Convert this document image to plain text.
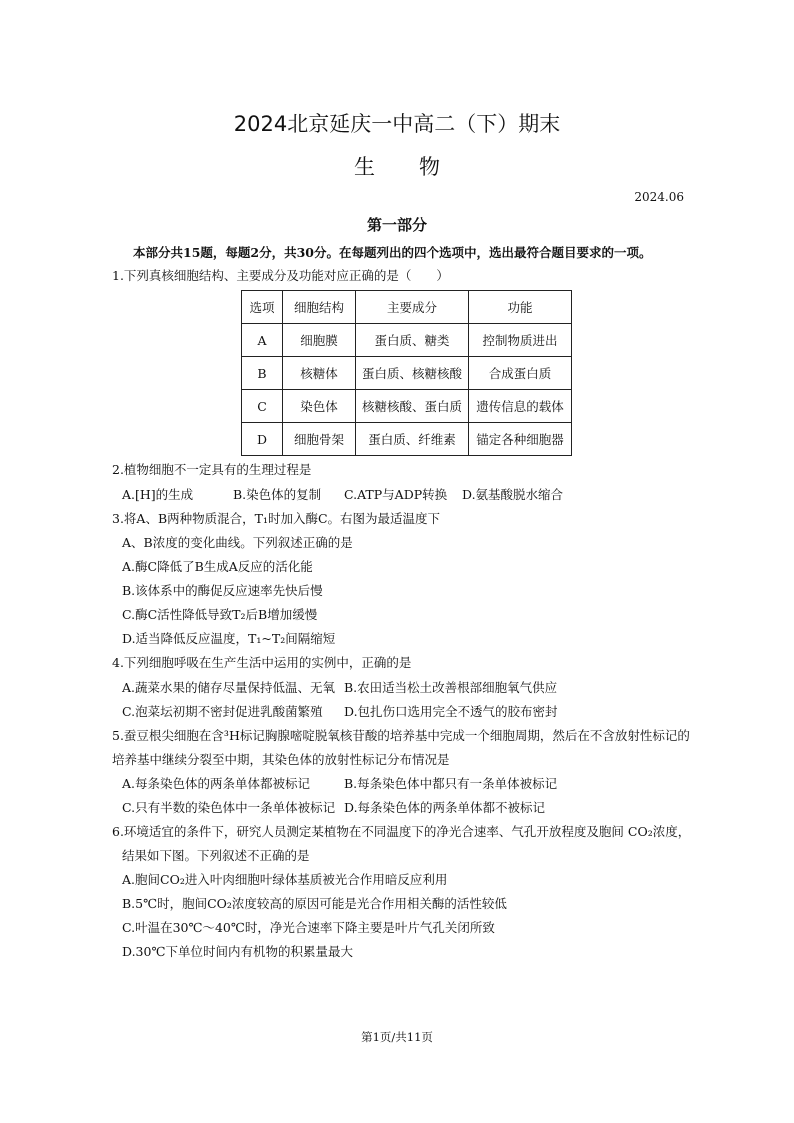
2024北京延庆一中高二（下）期末
生物
2024.06
第一部分
本部分共15题，每题2分，共30分。在每题列出的四个选项中，选出最符合题目要求的一项。
1.下列真核细胞结构、主要成分及功能对应正确的是（　　）
选项	细胞结构	主要成分	功能
A	细胞膜	蛋白质、糖类	控制物质进出
B	核糖体	蛋白质、核糖核酸	合成蛋白质
C	染色体	核糖核酸、蛋白质	遗传信息的载体
D	细胞骨架	蛋白质、纤维素	锚定各种细胞器
2.植物细胞不一定具有的生理过程是
A.[H]的生成	B.染色体的复制 C.ATP与ADP转换 D.氨基酸脱水缩合
3.将A、B两种物质混合，T₁时加入酶C。右图为最适温度下
A、B浓度的变化曲线。下列叙述正确的是
A.酶C降低了B生成A反应的活化能
B.该体系中的酶促反应速率先快后慢
C.酶C活性降低导致T₂后B增加缓慢
D.适当降低反应温度，T₁~T₂间隔缩短
4.下列细胞呼吸在生产生活中运用的实例中，正确的是
A.蔬菜水果的储存尽量保持低温、无氧 B.农田适当松土改善根部细胞氧气供应
C.泡菜坛初期不密封促进乳酸菌繁殖 D.包扎伤口选用完全不透气的胶布密封
5.蚕豆根尖细胞在含³H标记胸腺嘧啶脱氧核苷酸的培养基中完成一个细胞周期，然后在不含放射性标记的
培养基中继续分裂至中期，其染色体的放射性标记分布情况是
A.每条染色体的两条单体都被标记	B.每条染色体中都只有一条单体被标记
C.只有半数的染色体中一条单体被标记 D.每条染色体的两条单体都不被标记
6.环境适宜的条件下，研究人员测定某植物在不同温度下的净光合速率、气孔开放程度及胞间 CO₂浓度，
结果如下图。下列叙述不正确的是
A.胞间CO₂进入叶肉细胞叶绿体基质被光合作用暗反应利用
B.5℃时，胞间CO₂浓度较高的原因可能是光合作用相关酶的活性较低
C.叶温在30℃～40℃时，净光合速率下降主要是叶片气孔关闭所致
D.30℃下单位时间内有机物的积累量最大
第1页/共11页
